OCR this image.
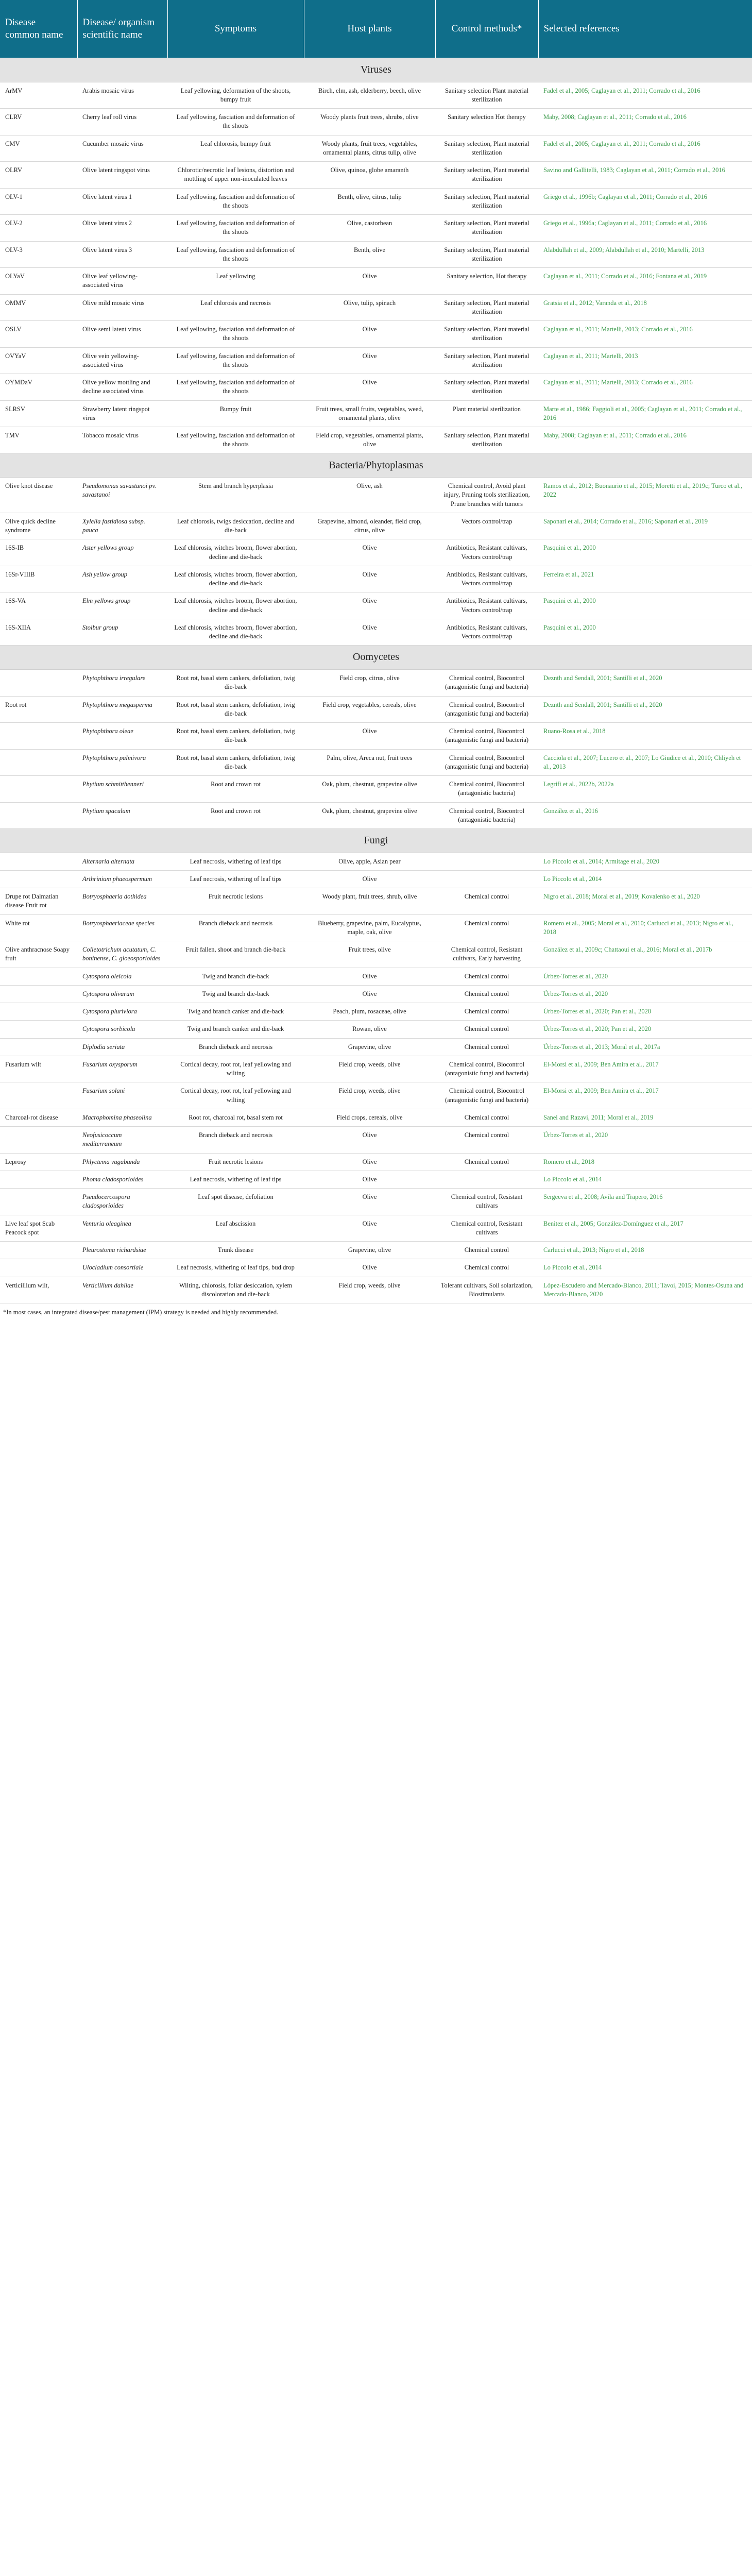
Disease common name	Disease/ organism scientific name	Symptoms	Host plants	Control methods*	Selected references
Viruses					
ArMV	Arabis mosaic virus	Leaf yellowing, deformation of the shoots, bumpy fruit	Birch, elm, ash, elderberry, beech, olive	Sanitary selection Plant material sterilization	Fadel et al., 2005; Caglayan et al., 2011; Corrado et al., 2016
CLRV	Cherry leaf roll virus	Leaf yellowing, fasciation and deformation of the shoots	Woody plants fruit trees, shrubs, olive	Sanitary selection Hot therapy	Maby, 2008; Caglayan et al., 2011; Corrado et al., 2016
CMV	Cucumber mosaic virus	Leaf chlorosis, bumpy fruit	Woody plants, fruit trees, vegetables, ornamental plants, citrus tulip, olive	Sanitary selection, Plant material sterilization	Fadel et al., 2005; Caglayan et al., 2011; Corrado et al., 2016
OLRV	Olive latent ringspot virus	Chlorotic/necrotic leaf lesions, distortion and mottling of upper non-inoculated leaves	Olive, quinoa, globe amaranth	Sanitary selection, Plant material sterilization	Savino and Gallitelli, 1983; Caglayan et al., 2011; Corrado et al., 2016
OLV-1	Olive latent virus 1	Leaf yellowing, fasciation and deformation of the shoots	Benth, olive, citrus, tulip	Sanitary selection, Plant material sterilization	Griego et al., 1996b; Caglayan et al., 2011; Corrado et al., 2016
OLV-2	Olive latent virus 2	Leaf yellowing, fasciation and deformation of the shoots	Olive, castorbean	Sanitary selection, Plant material sterilization	Griego et al., 1996a; Caglayan et al., 2011; Corrado et al., 2016
OLV-3	Olive latent virus 3	Leaf yellowing, fasciation and deformation of the shoots	Benth, olive	Sanitary selection, Plant material sterilization	Alabdullah et al., 2009; Alabdullah et al., 2010; Martelli, 2013
OLYaV	Olive leaf yellowing-associated virus	Leaf yellowing	Olive	Sanitary selection, Hot therapy	Caglayan et al., 2011; Corrado et al., 2016; Fontana et al., 2019
OMMV	Olive mild mosaic virus	Leaf chlorosis and necrosis	Olive, tulip, spinach	Sanitary selection, Plant material sterilization	Gratsia et al., 2012; Varanda et al., 2018
OSLV	Olive semi latent virus	Leaf yellowing, fasciation and deformation of the shoots	Olive	Sanitary selection, Plant material sterilization	Caglayan et al., 2011; Martelli, 2013; Corrado et al., 2016
OVYaV	Olive vein yellowing-associated virus	Leaf yellowing, fasciation and deformation of the shoots	Olive	Sanitary selection, Plant material sterilization	Caglayan et al., 2011; Martelli, 2013
OYMDaV	Olive yellow mottling and decline associated virus	Leaf yellowing, fasciation and deformation of the shoots	Olive	Sanitary selection, Plant material sterilization	Caglayan et al., 2011; Martelli, 2013; Corrado et al., 2016
SLRSV	Strawberry latent ringspot virus	Bumpy fruit	Fruit trees, small fruits, vegetables, weed, ornamental plants, olive	Plant material sterilization	Marte et al., 1986; Faggioli et al., 2005; Caglayan et al., 2011; Corrado et al., 2016
TMV	Tobacco mosaic virus	Leaf yellowing, fasciation and deformation of the shoots	Field crop, vegetables, ornamental plants, olive	Sanitary selection, Plant material sterilization	Maby, 2008; Caglayan et al., 2011; Corrado et al., 2016
Bacteria/Phytoplasmas					
Olive knot disease	Pseudomonas savastanoi pv. savastanoi	Stem and branch hyperplasia	Olive, ash	Chemical control, Avoid plant injury, Pruning tools sterilization, Prune branches with tumors	Ramos et al., 2012; Buonaurio et al., 2015; Moretti et al., 2019c; Turco et al., 2022
Olive quick decline syndrome	Xylella fastidiosa subsp. pauca	Leaf chlorosis, twigs desiccation, decline and die-back	Grapevine, almond, oleander, field crop, citrus, olive	Vectors control/trap	Saponari et al., 2014; Corrado et al., 2016; Saponari et al., 2019
16S-IB	Aster yellows group	Leaf chlorosis, witches broom, flower abortion, decline and die-back	Olive	Antibiotics, Resistant cultivars, Vectors control/trap	Pasquini et al., 2000
16Sr-VIIIB	Ash yellow group	Leaf chlorosis, witches broom, flower abortion, decline and die-back	Olive	Antibiotics, Resistant cultivars, Vectors control/trap	Ferreira et al., 2021
16S-VA	Elm yellows group	Leaf chlorosis, witches broom, flower abortion, decline and die-back	Olive	Antibiotics, Resistant cultivars, Vectors control/trap	Pasquini et al., 2000
16S-XIIA	Stolbur group	Leaf chlorosis, witches broom, flower abortion, decline and die-back	Olive	Antibiotics, Resistant cultivars, Vectors control/trap	Pasquini et al., 2000
Oomycetes					
	Phytophthora irregulare	Root rot, basal stem cankers, defoliation, twig die-back	Field crop, citrus, olive	Chemical control, Biocontrol (antagonistic fungi and bacteria)	Deznth and Sendall, 2001; Santilli et al., 2020
Root rot	Phytophthora megasperma	Root rot, basal stem cankers, defoliation, twig die-back	Field crop, vegetables, cereals, olive	Chemical control, Biocontrol (antagonistic fungi and bacteria)	Deznth and Sendall, 2001; Santilli et al., 2020
	Phytophthora oleae	Root rot, basal stem cankers, defoliation, twig die-back	Olive	Chemical control, Biocontrol (antagonistic fungi and bacteria)	Ruano-Rosa et al., 2018
	Phytophthora palmivora	Root rot, basal stem cankers, defoliation, twig die-back	Palm, olive, Areca nut, fruit trees	Chemical control, Biocontrol (antagonistic fungi and bacteria)	Cacciola et al., 2007; Lucero et al., 2007; Lo Giudice et al., 2010; Chliyeh et al., 2013
	Phytium schmitthenneri	Root and crown rot	Oak, plum, chestnut, grapevine olive	Chemical control, Biocontrol (antagonistic bacteria)	Legrifi et al., 2022b, 2022a
	Phytium spaculum	Root and crown rot	Oak, plum, chestnut, grapevine olive	Chemical control, Biocontrol (antagonistic bacteria)	González et al., 2016
Fungi					
	Alternaria alternata	Leaf necrosis, withering of leaf tips	Olive, apple, Asian pear		Lo Piccolo et al., 2014; Armitage et al., 2020
	Arthrinium phaeospermum	Leaf necrosis, withering of leaf tips	Olive		Lo Piccolo et al., 2014
Drupe rot Dalmatian disease Fruit rot	Botryosphaeria dothidea	Fruit necrotic lesions	Woody plant, fruit trees, shrub, olive	Chemical control	Nigro et al., 2018; Moral et al., 2019; Kovalenko et al., 2020
White rot	Botryosphaeriaceae species	Branch dieback and necrosis	Blueberry, grapevine, palm, Eucalyptus, maple, oak, olive	Chemical control	Romero et al., 2005; Moral et al., 2010; Carlucci et al., 2013; Nigro et al., 2018
Olive anthracnose Soapy fruit	Colletotrichum acutatum, C. boninense, C. gloeosporioides	Fruit fallen, shoot and branch die-back	Fruit trees, olive	Chemical control, Resistant cultivars, Early harvesting	González et al., 2009c; Chattaoui et al., 2016; Moral et al., 2017b
	Cytospora oleicola	Twig and branch die-back	Olive	Chemical control	Úrbez-Torres et al., 2020
	Cytospora olivarum	Twig and branch die-back	Olive	Chemical control	Úrbez-Torres et al., 2020
	Cytospora pluriviora	Twig and branch canker and die-back	Peach, plum, rosaceae, olive	Chemical control	Úrbez-Torres et al., 2020; Pan et al., 2020
	Cytospora sorbicola	Twig and branch canker and die-back	Rowan, olive	Chemical control	Úrbez-Torres et al., 2020; Pan et al., 2020
	Diplodia seriata	Branch dieback and necrosis	Grapevine, olive	Chemical control	Úrbez-Torres et al., 2013; Moral et al., 2017a
Fusarium wilt	Fusarium oxysporum	Cortical decay, root rot, leaf yellowing and wilting	Field crop, weeds, olive	Chemical control, Biocontrol (antagonistic fungi and bacteria)	El-Morsi et al., 2009; Ben Amira et al., 2017
	Fusarium solani	Cortical decay, root rot, leaf yellowing and wilting	Field crop, weeds, olive	Chemical control, Biocontrol (antagonistic fungi and bacteria)	El-Morsi et al., 2009; Ben Amira et al., 2017
Charcoal-rot disease	Macrophomina phaseolina	Root rot, charcoal rot, basal stem rot	Field crops, cereals, olive	Chemical control	Sanei and Razavi, 2011; Moral et al., 2019
	Neofusicoccum mediterraneum	Branch dieback and necrosis	Olive	Chemical control	Úrbez-Torres et al., 2020
Leprosy	Phlyctema vagabunda	Fruit necrotic lesions	Olive	Chemical control	Romero et al., 2018
	Phoma cladosporioides	Leaf necrosis, withering of leaf tips	Olive		Lo Piccolo et al., 2014
	Pseudocercospora cladosporioides	Leaf spot disease, defoliation	Olive	Chemical control, Resistant cultivars	Sergeeva et al., 2008; Avila and Trapero, 2016
Live leaf spot Scab Peacock spot	Venturia oleaginea	Leaf abscission	Olive	Chemical control, Resistant cultivars	Benitez et al., 2005; González-Domínguez et al., 2017
	Pleurostoma richardsiae	Trunk disease	Grapevine, olive	Chemical control	Carlucci et al., 2013; Nigro et al., 2018
	Ulocladium consortiale	Leaf necrosis, withering of leaf tips, bud drop	Olive	Chemical control	Lo Piccolo et al., 2014
Verticillium wilt,	Verticillium dahliae	Wilting, chlorosis, foliar desiccation, xylem discoloration and die-back	Field crop, weeds, olive	Tolerant cultivars, Soil solarization, Biostimulants	López-Escudero and Mercado-Blanco, 2011; Tavoi, 2015; Montes-Osuna and Mercado-Blanco, 2020
*In most cases, an integrated disease/pest management (IPM) strategy is needed and highly recommended.
